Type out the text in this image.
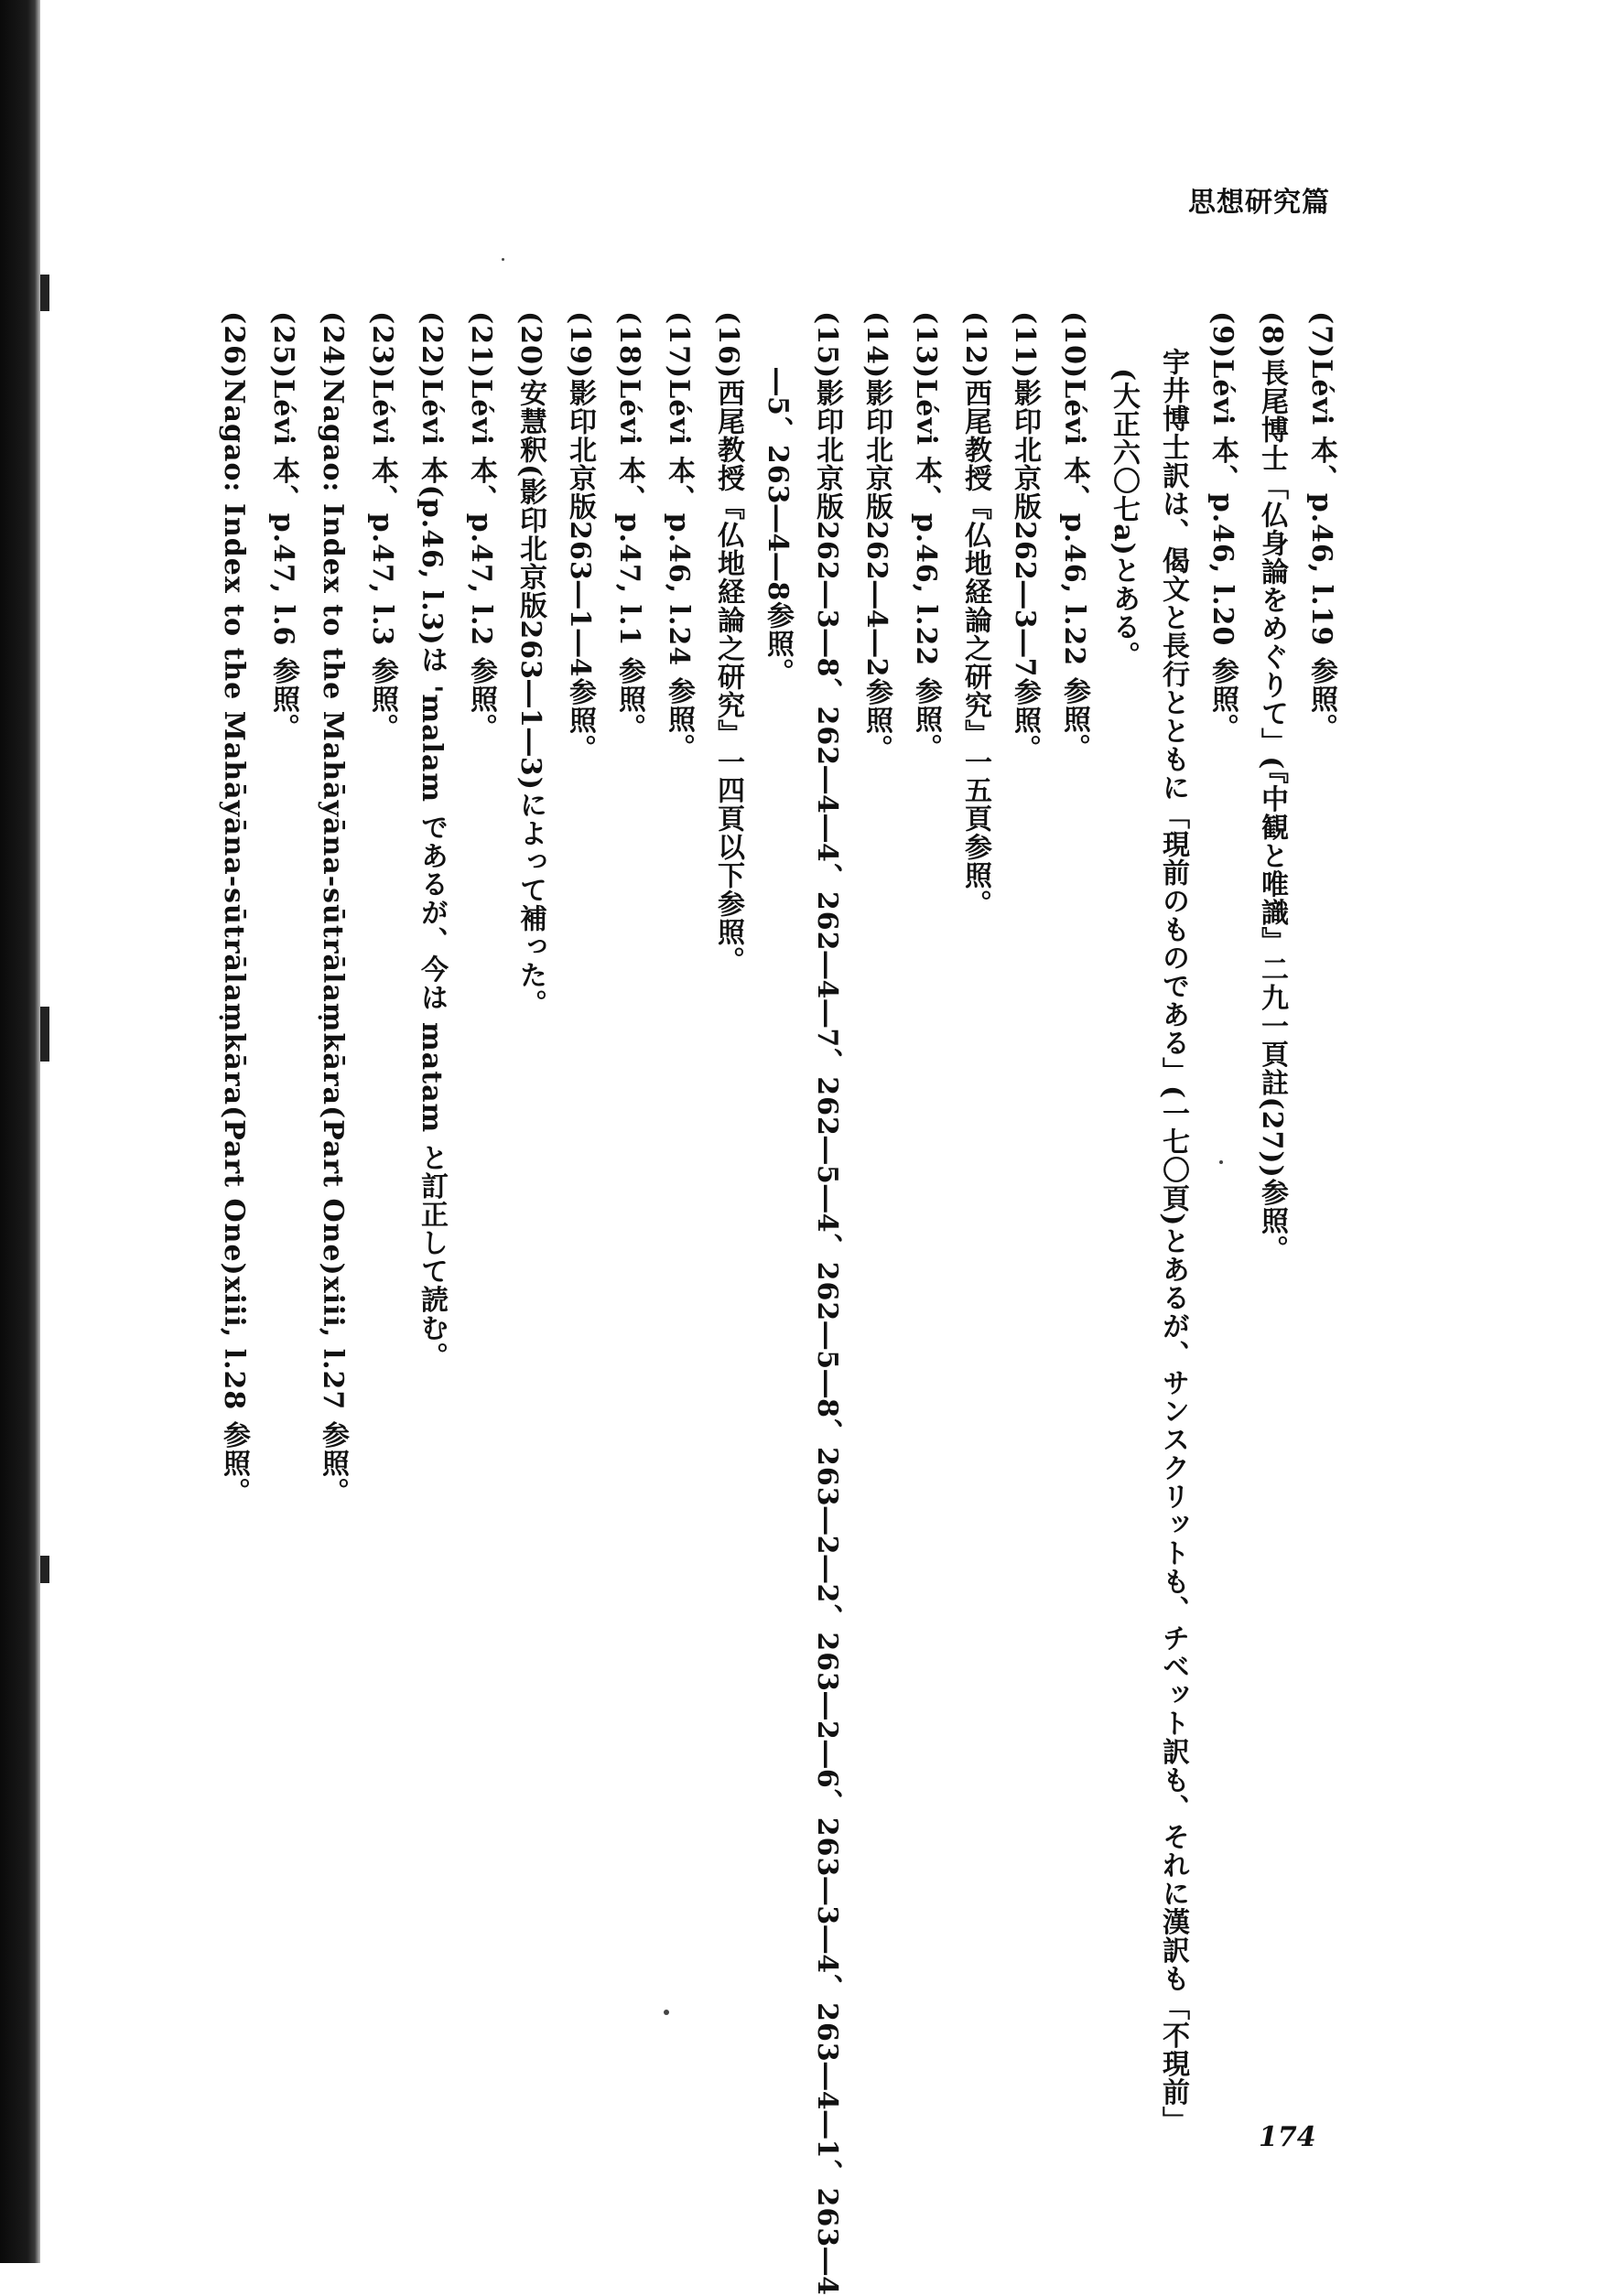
思想研究篇
(7)Lévi 本、p.46, l.19 参照。
(8)長尾博士「仏身論をめぐりて」(『中観と唯識』二九一頁註(27))参照。
(9)Lévi 本、p.46, l.20 参照。
宇井博士訳は、偈文と長行とともに「現前のものである」(一七〇頁)とあるが、サンスクリットも、チベット訳も、それに漢訳も「不現前」
(大正六〇七a)とある。
(10)Lévi 本、p.46, l.22 参照。
(11)影印北京版262―3―7参照。
(12)西尾教授『仏地経論之研究』一五頁参照。
(13)Lévi 本、p.46, l.22 参照。
(14)影印北京版262―4―2参照。
(15)影印北京版262―3―8、262―4―4、262―4―7、262―5―4、262―5―8、263―2―2、263―2―6、263―3―4、263―4―1、263―4
―5、263―4―8参照。
(16)西尾教授『仏地経論之研究』一四頁以下参照。
(17)Lévi 本、p.46, l.24 参照。
(18)Lévi 本、p.47, l.1 参照。
(19)影印北京版263―1―4参照。
(20)安慧釈(影印北京版263―1―3)によって補った。
(21)Lévi 本、p.47, l.2 参照。
(22)Lévi 本(p.46, l.3)は 'malam であるが、今は matam と訂正して読む。
(23)Lévi 本、p.47, l.3 参照。
(24)Nagao: Index to the Mahāyāna-sūtrālaṃkāra(Part One)xiii, l.27 参照。
(25)Lévi 本、p.47, l.6 参照。
(26)Nagao: Index to the Mahāyāna-sūtrālaṃkāra(Part One)xiii, l.28 参照。
174
